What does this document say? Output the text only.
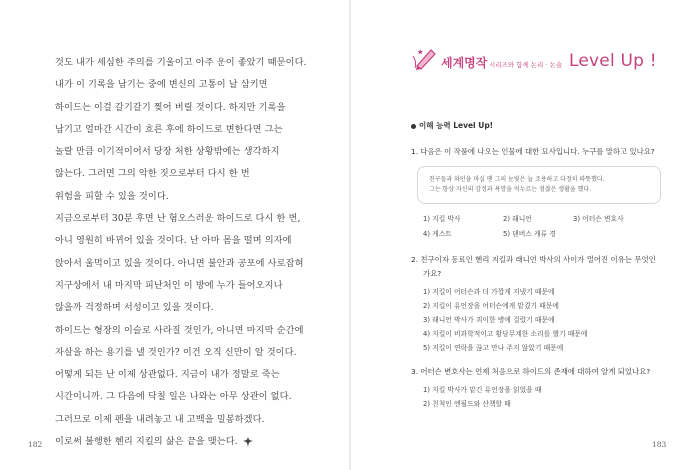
것도 내가 세심한 주의를 기울이고 아주 운이 좋았기 때문이다.
내가 이 기록을 남기는 중에 변신의 고통이 날 삼키면
하이드는 이걸 갈기갈기 찢어 버릴 것이다. 하지만 기록을
남기고 얼마간 시간이 흐른 후에 하이드로 변한다면 그는
놀랄 만큼 이기적이어서 당장 처한 상황밖에는 생각하지
않는다. 그러면 그의 악한 짓으로부터 다시 한 번
위험을 피할 수 있을 것이다.
지금으로부터 30분 후면 난 혐오스러운 하이드로 다시 한 번,
아니 영원히 바뀌어 있을 것이다. 난 아마 몸을 떨며 의자에
앉아서 울먹이고 있을 것이다. 아니면 불안과 공포에 사로잡혀
지구상에서 내 마지막 피난처인 이 방에 누가 들어오지나
않을까 걱정하며 서성이고 있을 것이다.
하이드는 형장의 이슬로 사라질 것인가, 아니면 마지막 순간에
자살을 하는 용기를 낼 것인가? 이건 오직 신만이 알 것이다.
어떻게 되든 난 이제 상관없다. 지금이 내가 정말로 죽는
시간이니까. 그 다음에 닥칠 일은 나와는 아무 상관이 없다.
그러므로 이제 펜을 내려놓고 내 고백을 밀봉하겠다.
이로써 불행한 헨리 지킬의 삶은 끝을 맺는다.
182
세계명작 시리즈와 함께 논리 · 논술 Level Up !
이해 능력 Level Up!
1. 다음은 이 작품에 나오는 인물에 대한 묘사입니다. 누구를 말하고 있나요?
친구들과 와인을 마실 땐 그의 눈빛은 늘 조용하고 다정히 따뜻했다.
그는 항상 자신의 감정과 욕망을 억누르는 점잖은 생활을 했다.
1) 지킬 박사	2) 래니언	3) 어터슨 변호사
4) 게스트	5) 댄버스 캐류 경
2. 친구이자 동료인 헨리 지킬과 래니언 박사의 사이가 멀어진 이유는 무엇인
가요?
1) 지킬이 어터슨과 더 가깝게 지냈기 때문에
2) 지킬이 유언장을 어터슨에게 맡겼기 때문에
3) 래니언 박사가 괴이한 병에 걸렸기 때문에
4) 지킬이 비과학적이고 황당무계한 소리를 했기 때문에
5) 지킬이 연락을 끊고 만나 주지 않았기 때문에
3. 어터슨 변호사는 언제 처음으로 하이드의 존재에 대하여 알게 되었나요?
1) 지킬 박사가 맡긴 유언장을 읽었을 때
2) 친척인 엔필드와 산책할 때
183
